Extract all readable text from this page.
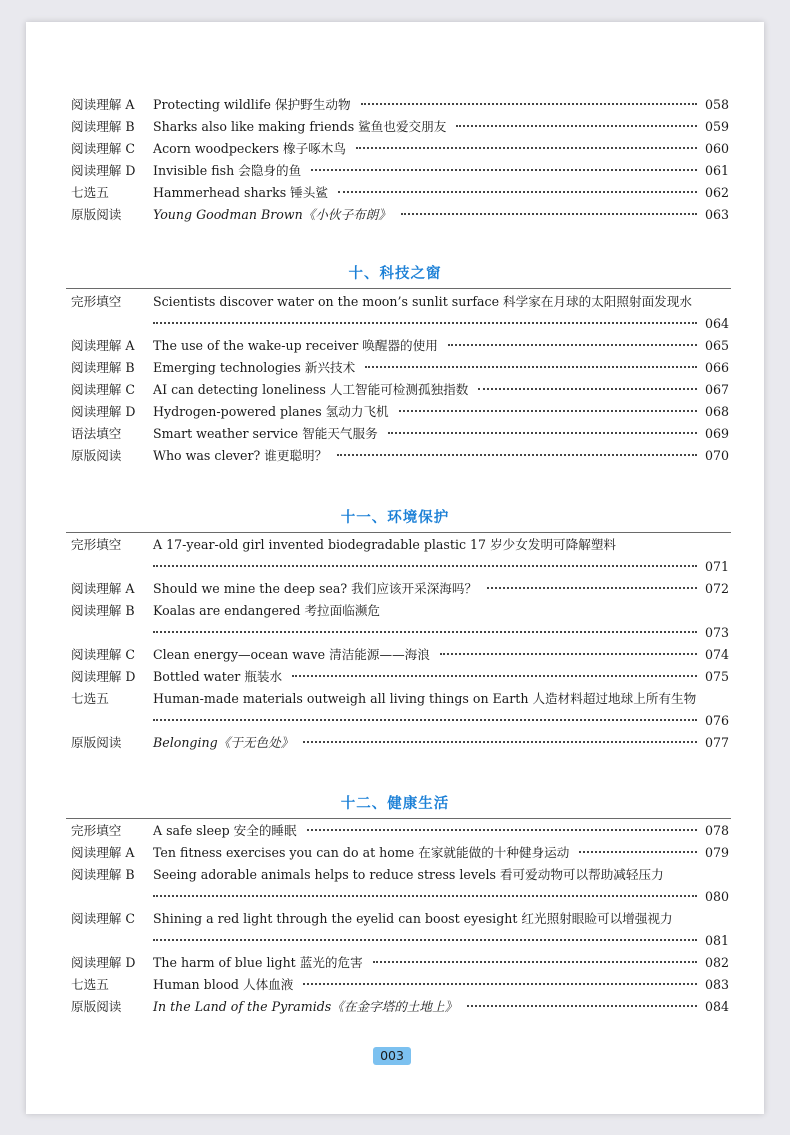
阅读理解 A	Protecting wildlife 保护野生动物	058
阅读理解 B	Sharks also like making friends 鲨鱼也爱交朋友	059
阅读理解 C	Acorn woodpeckers 橡子啄木鸟	060
阅读理解 D	Invisible fish 会隐身的鱼	061
七选五	Hammerhead sharks 锤头鲨	062
原版阅读	Young Goodman Brown《小伙子布朗》	063
十、科技之窗
完形填空	Scientists discover water on the moon’s sunlit surface 科学家在月球的太阳照射面发现水
064
阅读理解 A	The use of the wake-up receiver 唤醒器的使用	065
阅读理解 B	Emerging technologies 新兴技术	066
阅读理解 C	AI can detecting loneliness 人工智能可检测孤独指数	067
阅读理解 D	Hydrogen-powered planes 氢动力飞机	068
语法填空	Smart weather service 智能天气服务	069
原版阅读	Who was clever? 谁更聪明？	070
十一、环境保护
完形填空	A 17-year-old girl invented biodegradable plastic 17 岁少女发明可降解塑料
071
阅读理解 A	Should we mine the deep sea? 我们应该开采深海吗？	072
阅读理解 B	Koalas are endangered 考拉面临濒危
073
阅读理解 C	Clean energy—ocean wave 清洁能源——海浪	074
阅读理解 D	Bottled water 瓶装水	075
七选五	Human-made materials outweigh all living things on Earth 人造材料超过地球上所有生物
076
原版阅读	Belonging《于无色处》	077
十二、健康生活
完形填空	A safe sleep 安全的睡眠	078
阅读理解 A	Ten fitness exercises you can do at home 在家就能做的十种健身运动	079
阅读理解 B	Seeing adorable animals helps to reduce stress levels 看可爱动物可以帮助减轻压力
080
阅读理解 C	Shining a red light through the eyelid can boost eyesight 红光照射眼睑可以增强视力
081
阅读理解 D	The harm of blue light 蓝光的危害	082
七选五	Human blood 人体血液	083
原版阅读	In the Land of the Pyramids《在金字塔的土地上》	084
003
